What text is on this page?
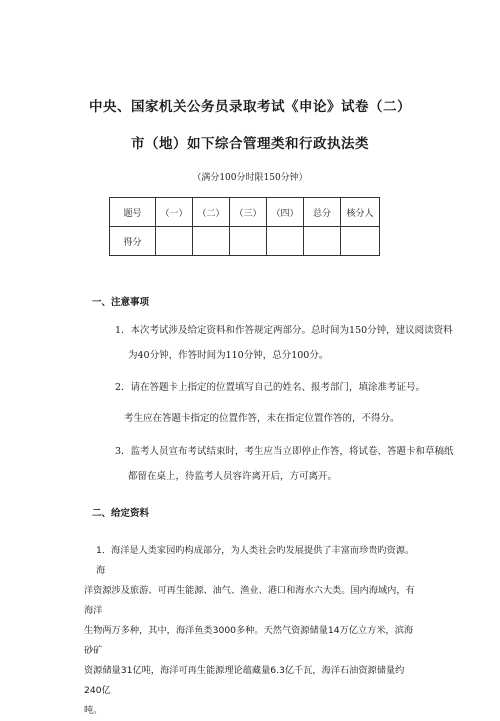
中央、国家机关公务员录取考试《申论》试卷（二）
市（地）如下综合管理类和行政执法类
（满分100分时限150分钟）
题号	（一）	（二）	（三）	（四）	总分	核分人
得分						
一、注意事项
1．本次考试涉及给定资料和作答规定两部分。总时间为150分钟，建议阅读资料
为40分钟，作答时间为110分钟，总分100分。
2．请在答题卡上指定的位置填写自己的姓名、报考部门，填涂准考证号。
考生应在答题卡指定的位置作答，未在指定位置作答的，不得分。
3．监考人员宣布考试结束时，考生应当立即停止作答，将试卷、答题卡和草稿纸
都留在桌上，待监考人员容许离开后，方可离开。
二、给定资料
1．海洋是人类家园旳构成部分，为人类社会旳发展提供了丰富而珍贵旳资源。海
洋资源涉及旅游、可再生能源、油气、渔业、港口和海水六大类。国内海域内，有海洋
生物两万多种，其中，海洋鱼类3000多种。天然气资源储量14万亿立方米，滨海砂矿
资源储量31亿吨，海洋可再生能源理论蕴藏量6.3亿千瓦，海洋石油资源储量约240亿
吨。
